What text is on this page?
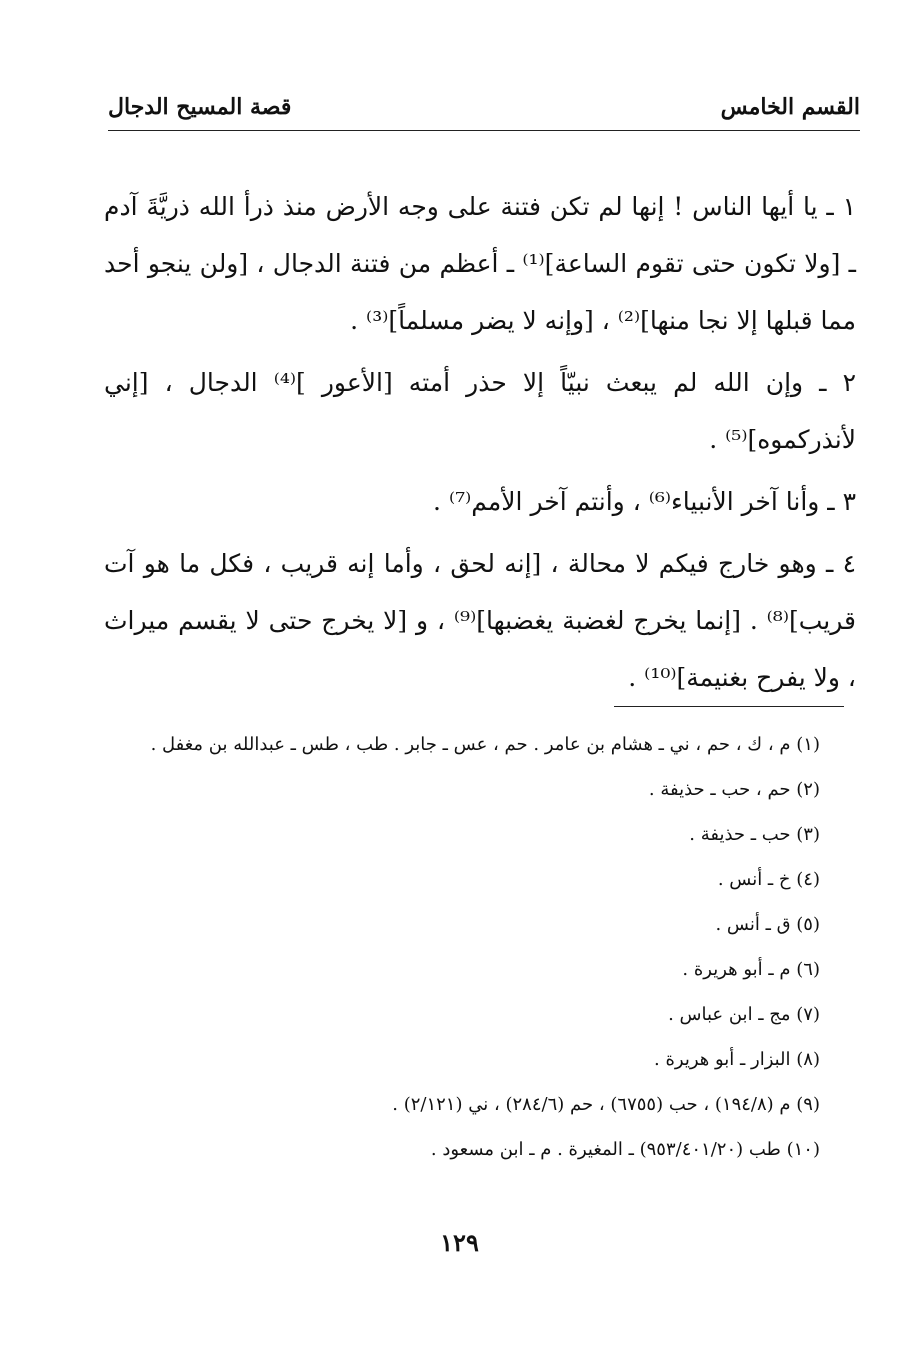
القسم الخامس
قصة المسيح الدجال

١ ـ يا أيها الناس ! إنها لم تكن فتنة على وجه الأرض منذ ذرأ الله ذريَّةَ آدم ـ [ولا تكون حتى تقوم الساعة]⁽¹⁾ ـ أعظم من فتنة الدجال ، [ولن ينجو أحد مما قبلها إلا نجا منها]⁽²⁾ ، [وإنه لا يضر مسلماً]⁽³⁾ .

٢ ـ وإن الله لم يبعث نبيّاً إلا حذر أمته [الأعور ]⁽⁴⁾ الدجال ، [إني لأنذركموه]⁽⁵⁾ .

٣ ـ وأنا آخر الأنبياء⁽⁶⁾ ، وأنتم آخر الأمم⁽⁷⁾ .

٤ ـ وهو خارج فيكم لا محالة ، [إنه لحق ، وأما إنه قريب ، فكل ما هو آت قريب]⁽⁸⁾ . [إنما يخرج لغضبة يغضبها]⁽⁹⁾ ، و [لا يخرج حتى لا يقسم ميراث ، ولا يفرح بغنيمة]⁽¹⁰⁾ .

(١) م ، ك ، حم ، ني ـ هشام بن عامر . حم ، عس ـ جابر . طب ، طس ـ عبدالله بن مغفل .
(٢) حم ، حب ـ حذيفة .
(٣) حب ـ حذيفة .
(٤) خ ـ أنس .
(٥) ق ـ أنس .
(٦) م ـ أبو هريرة .
(٧) مج ـ ابن عباس .
(٨) البزار ـ أبو هريرة .
(٩) م (١٩٤/٨) ، حب (٦٧٥٥) ، حم (٢٨٤/٦) ، ني (٢/١٢١) .
(١٠) طب (٩٥٣/٤٠١/٢٠) ـ المغيرة . م ـ ابن مسعود .
١٢٩
